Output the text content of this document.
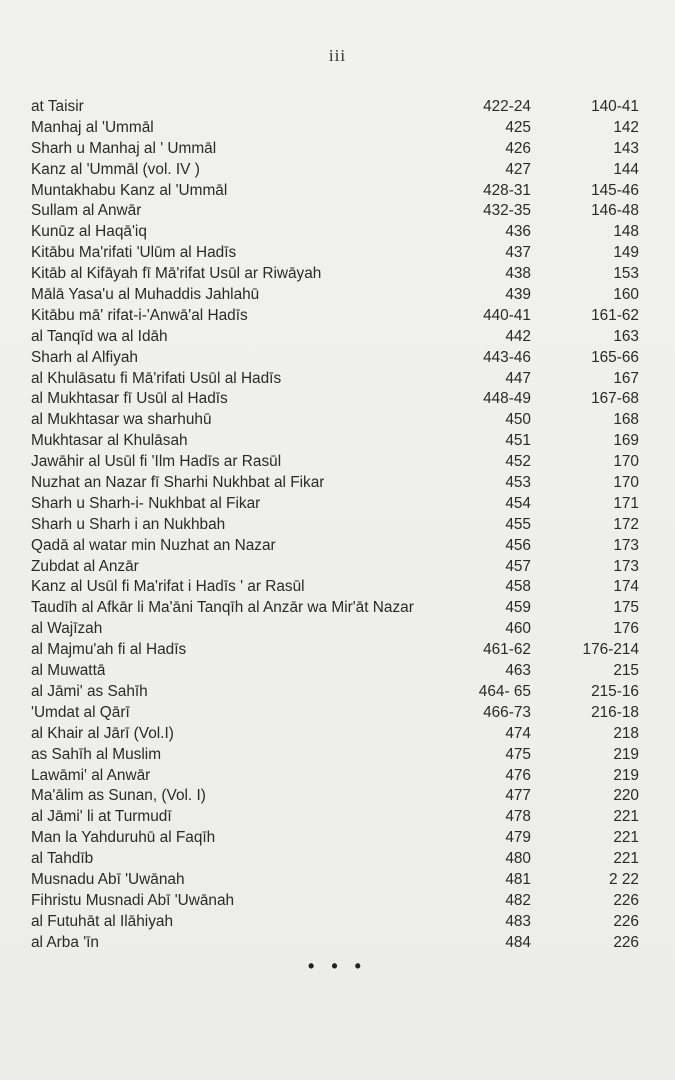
iii
at Taisir	422-24	140-41
Manhaj al 'Ummāl	425	142
Sharh u Manhaj al ' Ummāl	426	143
Kanz al 'Ummāl (vol. IV )	427	144
Muntakhabu Kanz al 'Ummāl	428-31	145-46
Sullam al Anwār	432-35	146-48
Kunūz al Haqā'iq	436	148
Kitābu Ma'rifati 'Ulūm al Hadīs	437	149
Kitāb al Kifāyah fī Mā'rifat Usūl ar Riwāyah	438	153
Mālā Yasa'u al Muhaddis Jahlahū	439	160
Kitābu mā' rifat-i-'Anwā'al Hadīs	440-41	161-62
al Tanqīd wa al Idāh	442	163
Sharh al Alfiyah	443-46	165-66
al Khulāsatu fi Mā'rifati Usūl al Hadīs	447	167
al Mukhtasar fī Usūl al Hadīs	448-49	167-68
al Mukhtasar wa sharhuhū	450	168
Mukhtasar al Khulāsah	451	169
Jawāhir al Usūl fi 'Ilm Hadīs ar Rasūl	452	170
Nuzhat an Nazar fī Sharhi Nukhbat al Fikar	453	170
Sharh u Sharh-i- Nukhbat al Fikar	454	171
Sharh u Sharh i an Nukhbah	455	172
Qadā al watar min Nuzhat an Nazar	456	173
Zubdat al Anzār	457	173
Kanz al Usūl fi Ma'rifat i Hadīs ' ar Rasūl	458	174
Taudīh al Afkār li Ma'āni Tanqīh al Anzār wa Mir'āt Nazar	459	175
al Wajīzah	460	176
al Majmu'ah fi al Hadīs	461-62	176-214
al Muwattā	463	215
al Jāmi' as Sahīh	464- 65	215-16
'Umdat al Qārī	466-73	216-18
al Khair al Jārī (Vol.I)	474	218
as Sahīh al Muslim	475	219
Lawāmi' al Anwār	476	219
Ma'ālim as Sunan, (Vol. I)	477	220
al Jāmi' li at Turmudī	478	221
Man la Yahduruhū al Faqīh	479	221
al Tahdīb	480	221
Musnadu Abī 'Uwānah	481	2 22
Fihristu Musnadi Abī 'Uwānah	482	226
al Futuhāt al Ilāhiyah	483	226
al Arba 'īn	484	226
• • •
